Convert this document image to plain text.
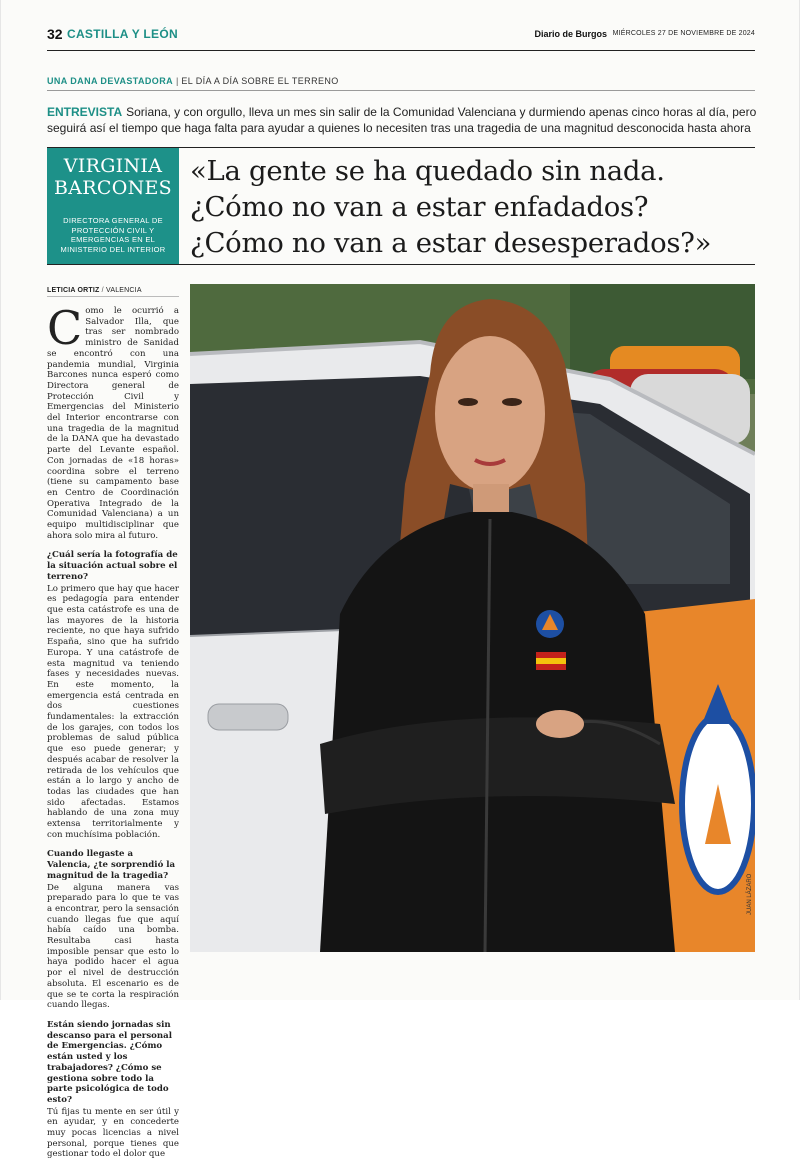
32 CASTILLA Y LEÓN	Diario de Burgos MIÉRCOLES 27 DE NOVIEMBRE DE 2024
UNA DANA DEVASTADORA | EL DÍA A DÍA SOBRE EL TERRENO
ENTREVISTA Soriana, y con orgullo, lleva un mes sin salir de la Comunidad Valenciana y durmiendo apenas cinco horas al día, pero seguirá así el tiempo que haga falta para ayudar a quienes lo necesiten tras una tragedia de una magnitud desconocida hasta ahora
VIRGINIA
BARCONES
DIRECTORA GENERAL DE PROTECCIÓN CIVIL Y EMERGENCIAS EN EL MINISTERIO DEL INTERIOR
«La gente se ha quedado sin nada.
¿Cómo no van a estar enfadados?
¿Cómo no van a estar desesperados?»
LETICIA ORTIZ / VALENCIA

Como le ocurrió a Salvador Illa, que tras ser nombrado ministro de Sanidad se encontró con una pandemia mundial, Virginia Barcones nunca esperó como Directora general de Protección Civil y Emergencias del Ministerio del Interior encontrarse con una tragedia de la magnitud de la DANA que ha devastado parte del Levante español. Con jornadas de «18 horas» coordina sobre el terreno (tiene su campamento base en Centro de Coordinación Operativa Integrado de la Comunidad Valenciana) a un equipo multidisciplinar que ahora solo mira al futuro.

¿Cuál sería la fotografía de la situación actual sobre el terreno?

Lo primero que hay que hacer es pedagogía para entender que esta catástrofe es una de las mayores de la historia reciente, no que haya sufrido España, sino que ha sufrido Europa. Y una catástrofe de esta magnitud va teniendo fases y necesidades nuevas. En este momento, la emergencia está centrada en dos cuestiones fundamentales: la extracción de los garajes, con todos los problemas de salud pública que eso puede generar; y después acabar de resolver la retirada de los vehículos que están a lo largo y ancho de todas las ciudades que han sido afectadas. Estamos hablando de una zona muy extensa territorialmente y con muchísima población.

Cuando llegaste a Valencia, ¿te sorprendió la magnitud de la tragedia?

De alguna manera vas preparado para lo que te vas a encontrar, pero la sensación cuando llegas fue que aquí había caído una bomba. Resultaba casi hasta imposible pensar que esto lo haya podido hacer el agua por el nivel de destrucción absoluta. El escenario es de que se te corta la respiración cuando llegas.

Están siendo jornadas sin descanso para el personal de Emergencias. ¿Cómo están usted y los trabajadores? ¿Cómo se gestiona sobre todo la parte psicológica de todo esto?

Tú fijas tu mente en ser útil y en ayudar, y en concederte muy pocas licencias a nivel personal, porque tienes que gestionar todo el dolor que

JUAN LÁZARO
